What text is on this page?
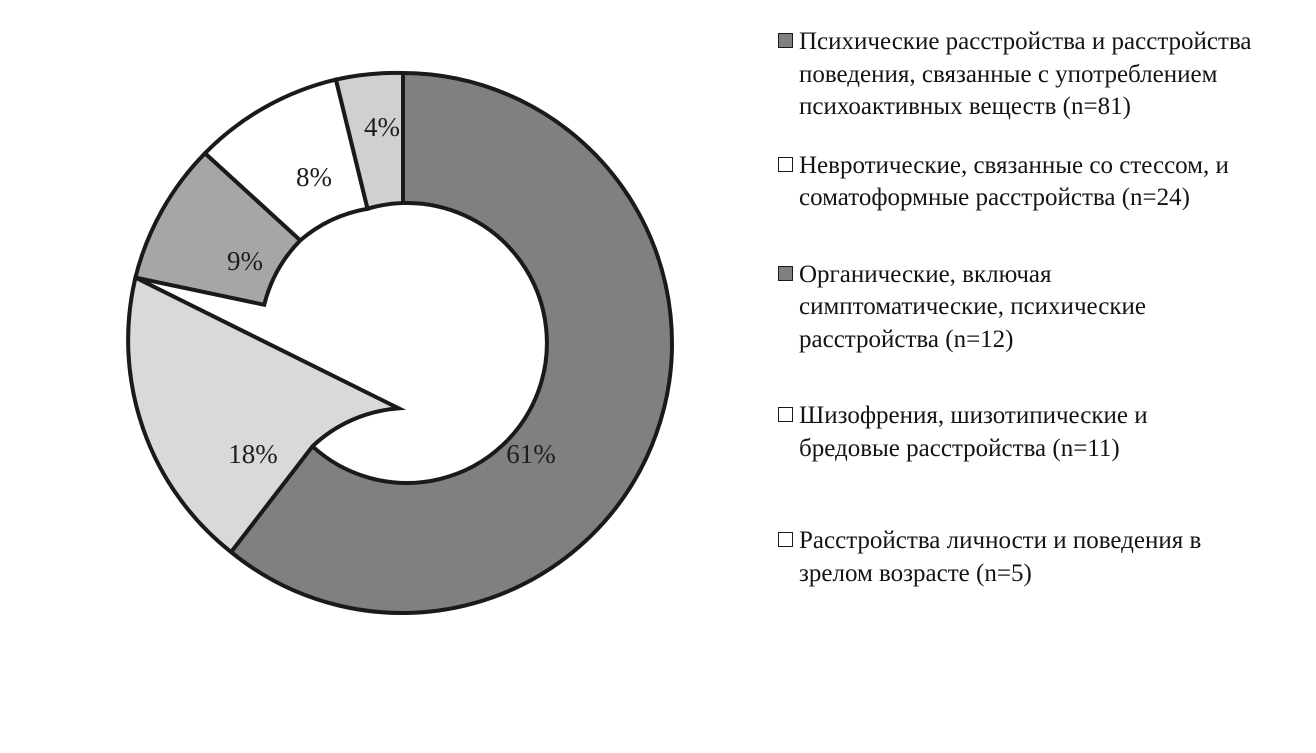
61%
18%
9%
8%
4%
Психические расстройства и расстройства поведения, связанные с употреблением психоактивных веществ (n=81)
Невротические, связанные со стессом, и соматоформные расстройства (n=24)
Органические, включая симптоматические, психические расстройства (n=12)
Шизофрения, шизотипические и бредовые расстройства (n=11)
Расстройства личности и поведения в зрелом возрасте (n=5)
